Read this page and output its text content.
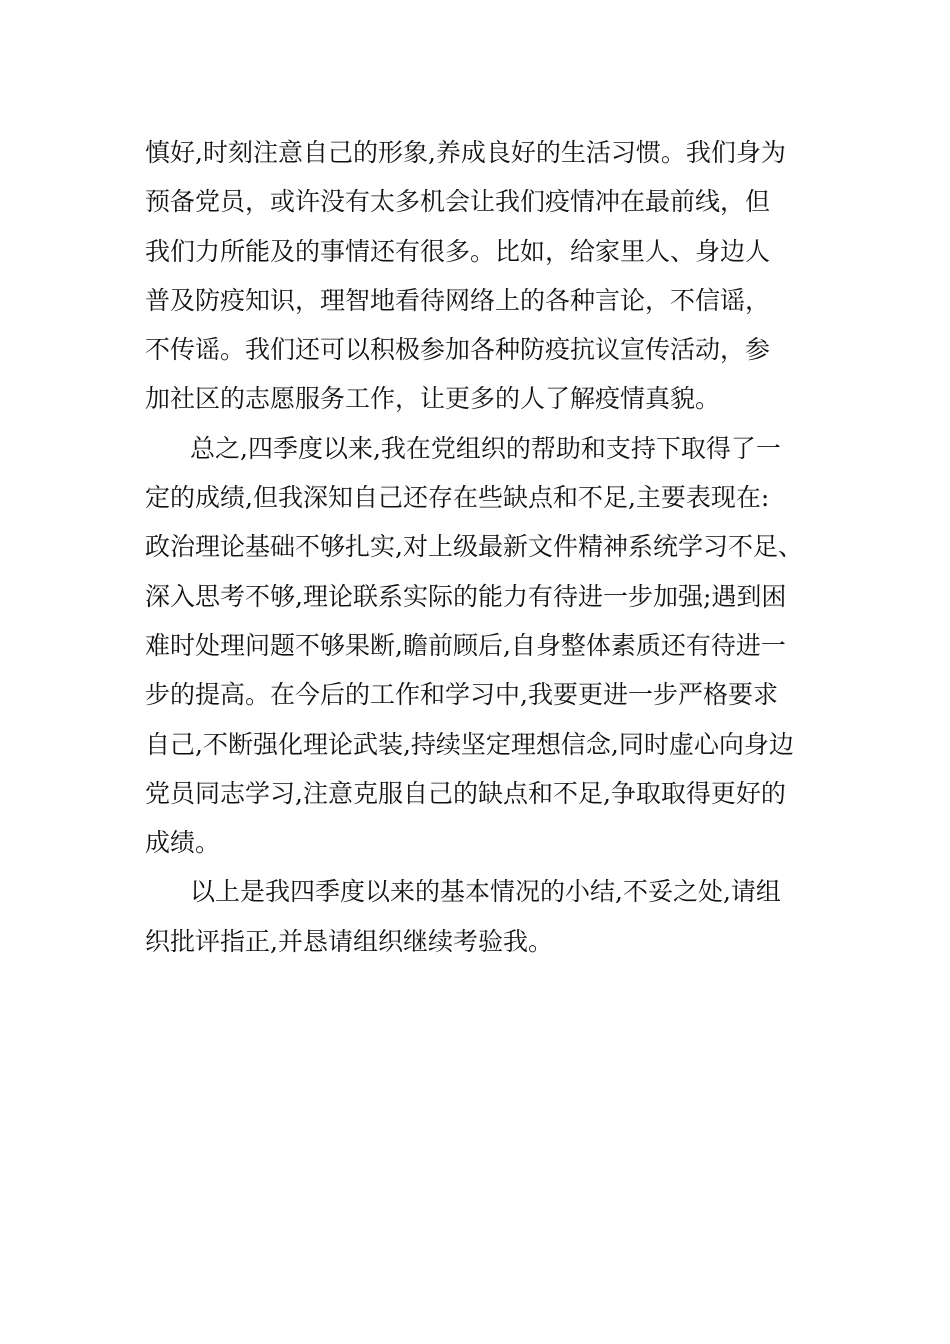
慎好,时刻注意自己的形象,养成良好的生活习惯。我们身为
预备党员，或许没有太多机会让我们疫情冲在最前线，但
我们力所能及的事情还有很多。比如，给家里人、身边人
普及防疫知识，理智地看待网络上的各种言论，不信谣，
不传谣。我们还可以积极参加各种防疫抗议宣传活动，参
加社区的志愿服务工作，让更多的人了解疫情真貌。
总之,四季度以来,我在党组织的帮助和支持下取得了一
定的成绩,但我深知自己还存在些缺点和不足,主要表现在:
政治理论基础不够扎实,对上级最新文件精神系统学习不足、
深入思考不够,理论联系实际的能力有待进一步加强;遇到困
难时处理问题不够果断,瞻前顾后,自身整体素质还有待进一
步的提高。在今后的工作和学习中,我要更进一步严格要求
自己,不断强化理论武装,持续坚定理想信念,同时虚心向身边
党员同志学习,注意克服自己的缺点和不足,争取取得更好的
成绩。
以上是我四季度以来的基本情况的小结,不妥之处,请组
织批评指正,并恳请组织继续考验我。
